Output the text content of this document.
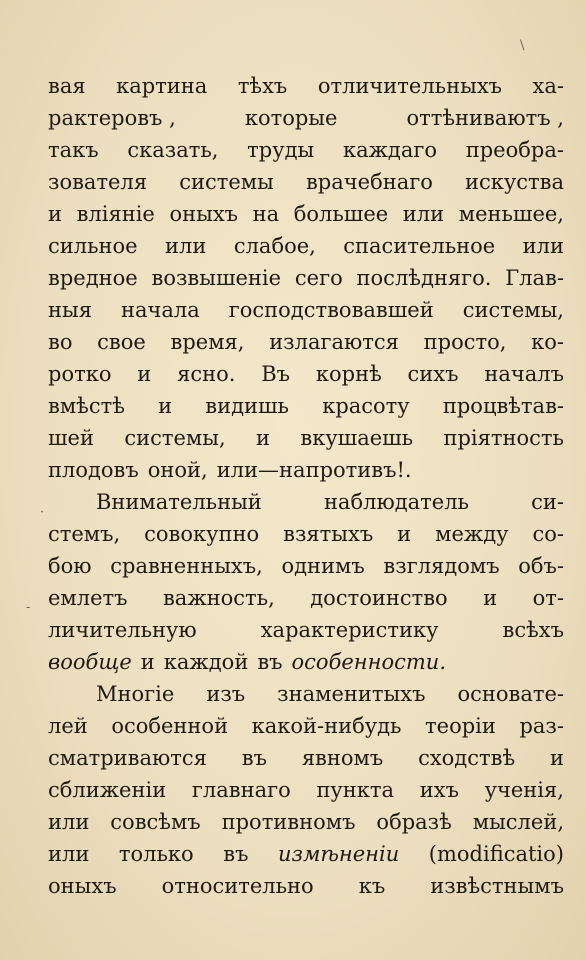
\
-
·
вая картина тѣхъ отличительныхъ ха-
рактеровъ ,	которые	оттѣниваютъ ,
такъ сказать, труды каждаго преобра-
зователя системы врачебнаго искуства
и вліяніе оныхъ на большее или меньшее,
сильное или слабое, спасительное или
вредное возвышеніе сего послѣдняго. Глав-
ныя начала господствовавшей системы,
во свое время, излагаются просто, ко-
ротко и ясно. Въ корнѣ сихъ началъ
вмѣстѣ и видишь красоту процвѣтав-
шей системы, и вкушаешь пріятность
плодовъ оной, или—напротивъ!.
Внимательный	наблюдатель	си-
стемъ, совокупно взятыхъ и между со-
бою сравненныхъ, однимъ взглядомъ объ-
емлетъ важность, достоинство и от-
личительную	характеристику	всѣхъ
вообще и каждой въ особенности.
Многіе изъ знаменитыхъ основате-
лей особенной какой-нибудь теоріи раз-
сматриваются въ явномъ сходствѣ и
сближеніи главнаго пункта ихъ ученія,
или совсѣмъ противномъ образѣ мыслей,
или только въ измѣненіи (modificatio)
оныхъ относительно къ извѣстнымъ
